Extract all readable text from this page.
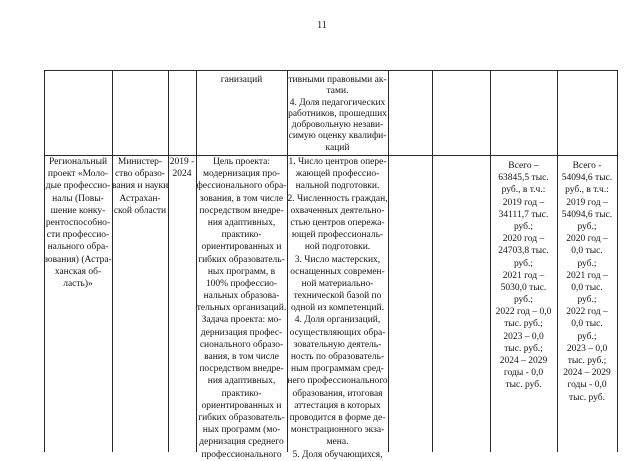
11
ганизаций	тивными правовыми ак-
тами.
4. Доля педагогических
работников, прошедших
добровольную незави-
симую оценку квалифи-
каций
Региональный
проект «Моло-
дые профессио-
налы (Повы-
шение конку-
рентоспособно-
сти профессио-
нального обра-
зования) (Астра-
ханская об-
ласть)»
Министер-
ство образо-
вания и науки
Астрахан-
ской области
2019 -
2024
Цель проекта:
модернизация про-
фессионального обра-
зования, в том числе
посредством внедре-
ния адаптивных,
практико-
ориентированных и
гибких образователь-
ных программ, в
100% профессио-
нальных образова-
тельных организаций.
Задача проекта: мо-
дернизация профес-
сионального образо-
вания, в том числе
посредством внедре-
ния адаптивных,
практико-
ориентированных и
гибких образователь-
ных программ (мо-
дернизация среднего
профессионального
1. Число центров опере-
жающей профессио-
нальной подготовки.
2. Численность граждан,
охваченных деятельно-
стью центров опережа-
ющей профессиональ-
ной подготовки.
3. Число мастерских,
оснащенных современ-
ной материально-
технической базой по
одной из компетенций.
4. Доля организаций,
осуществляющих обра-
зовательную деятель-
ность по образователь-
ным программам сред-
него профессионального
образования, итоговая
аттестация в которых
проводится в форме де-
монстрационного экза-
мена.
5. Доля обучающихся,
Всего –
63845,5 тыс.
руб., в т.ч.:
2019 год –
34111,7 тыс.
руб.;
2020 год –
24703,8 тыс.
руб.;
2021 год –
5030,0 тыс.
руб.;
2022 год – 0,0
тыс. руб.;
2023 – 0,0
тыс. руб.;
2024 – 2029
годы - 0,0
тыс. руб.
Всего -
54094,6 тыс.
руб., в т.ч.:
2019 год –
54094,6 тыс.
руб.;
2020 год –
0,0 тыс.
руб.;
2021 год –
0,0 тыс.
руб.;
2022 год –
0,0 тыс.
руб.;
2023 – 0,0
тыс. руб.;
2024 – 2029
годы - 0,0
тыс. руб.
